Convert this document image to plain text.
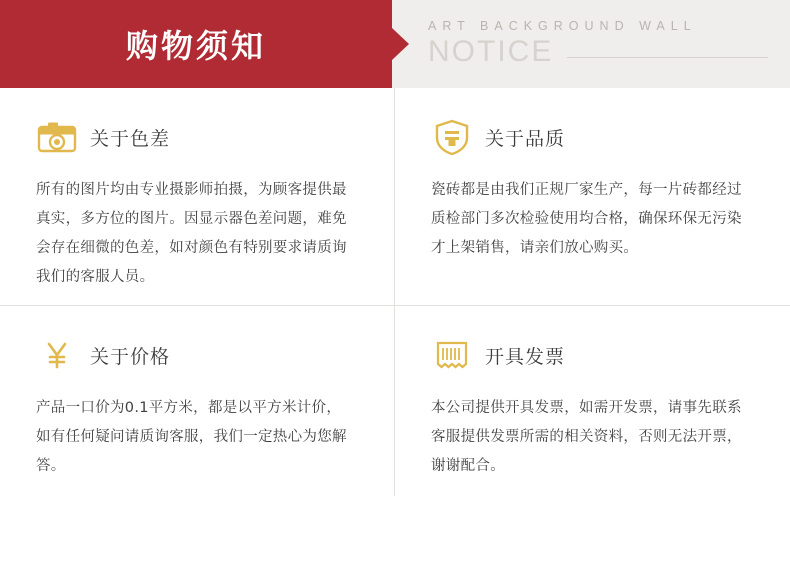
购物须知
ART BACKGROUND WALL
NOTICE
关于色差
所有的图片均由专业摄影师拍摄，为顾客提供最真实，多方位的图片。因显示器色差问题，难免会存在细微的色差，如对颜色有特别要求请质询我们的客服人员。
关于品质
瓷砖都是由我们正规厂家生产，每一片砖都经过质检部门多次检验使用均合格，确保环保无污染才上架销售，请亲们放心购买。
关于价格
产品一口价为0.1平方米，都是以平方米计价，如有任何疑问请质询客服，我们一定热心为您解答。
开具发票
本公司提供开具发票，如需开发票，请事先联系客服提供发票所需的相关资料，否则无法开票，谢谢配合。
